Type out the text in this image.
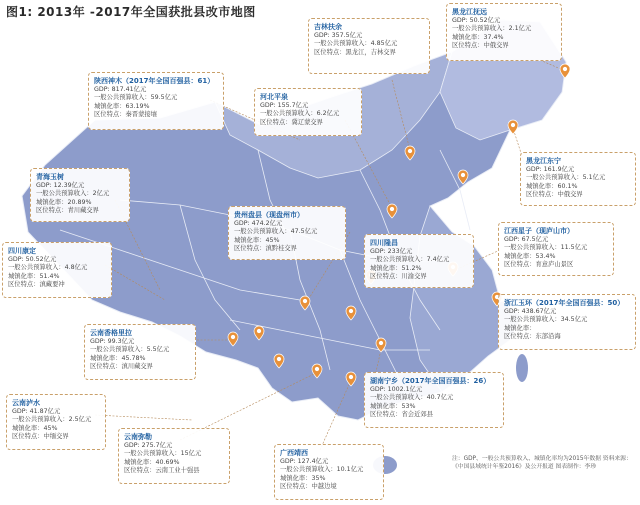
图1: 2013年 -2017年全国获批县改市地图
吉林扶余
GDP: 357.5亿元
一般公共预算收入：4.85亿元
区位特点：黑龙江，吉林交界
黑龙江抚远
GDP: 50.52亿元
一般公共预算收入：2.1亿元
城镇化率：37.4%
区位特点：中俄交界
陕西神木（2017年全国百强县：61）
GDP: 817.41亿元
一般公共预算收入：59.5亿元
城镇化率：63.19%
区位特点：秦晋蒙接壤
河北平泉
GDP: 155.7亿元
一般公共预算收入：6.2亿元
区位特点：冀辽蒙交界
黑龙江东宁
GDP: 161.9亿元
一般公共预算收入：5.1亿元
城镇化率：60.1%
区位特点：中俄交界
青海玉树
GDP: 12.39亿元
一般公共预算收入：2亿元
城镇化率：20.89%
区位特点：青川藏交界
贵州盘县（现盘州市）
GDP: 474.2亿元
一般公共预算收入：47.5亿元
城镇化率：45%
区位特点：滇黔桂交界
江西星子（现庐山市）
GDP: 67.5亿元
一般公共预算收入：11.5亿元
城镇化率：53.4%
区位特点：育意庐山景区
四川康定
GDP: 50.52亿元
一般公共预算收入：4.8亿元
城镇化率：51.4%
区位特点：滇藏要冲
四川隆昌
GDP: 233亿元
一般公共预算收入：7.4亿元
城镇化率：51.2%
区位特点：川渝交界
浙江玉环（2017年全国百强县：50）
GDP: 438.67亿元
一般公共预算收入：34.5亿元
城镇化率：
区位特点：东部沿海
云南香格里拉
GDP: 99.3亿元
一般公共预算收入：5.5亿元
城镇化率：45.78%
区位特点：滇川藏交界
湖南宁乡（2017年全国百强县：26）
GDP: 1002.1亿元
一般公共预算收入：40.7亿元
城镇化率：53%
区位特点：省会近郊县
云南泸水
GDP: 41.87亿元
一般公共预算收入：2.5亿元
城镇化率：45%
区位特点：中缅交界	云南弥勒
GDP: 275.7亿元
一般公共预算收入：15亿元
城镇化率：40.69%
区位特点：云南工业十强县
广西靖西
GDP: 127.4亿元
一般公共预算收入：10.1亿元
城镇化率：35%
区位特点：中越边境
注：GDP、一般公共预算收入、城镇化率均为2015年数据 资料来源：《中国县域统计年鉴2016》及公开报道 图表制作：李珍
